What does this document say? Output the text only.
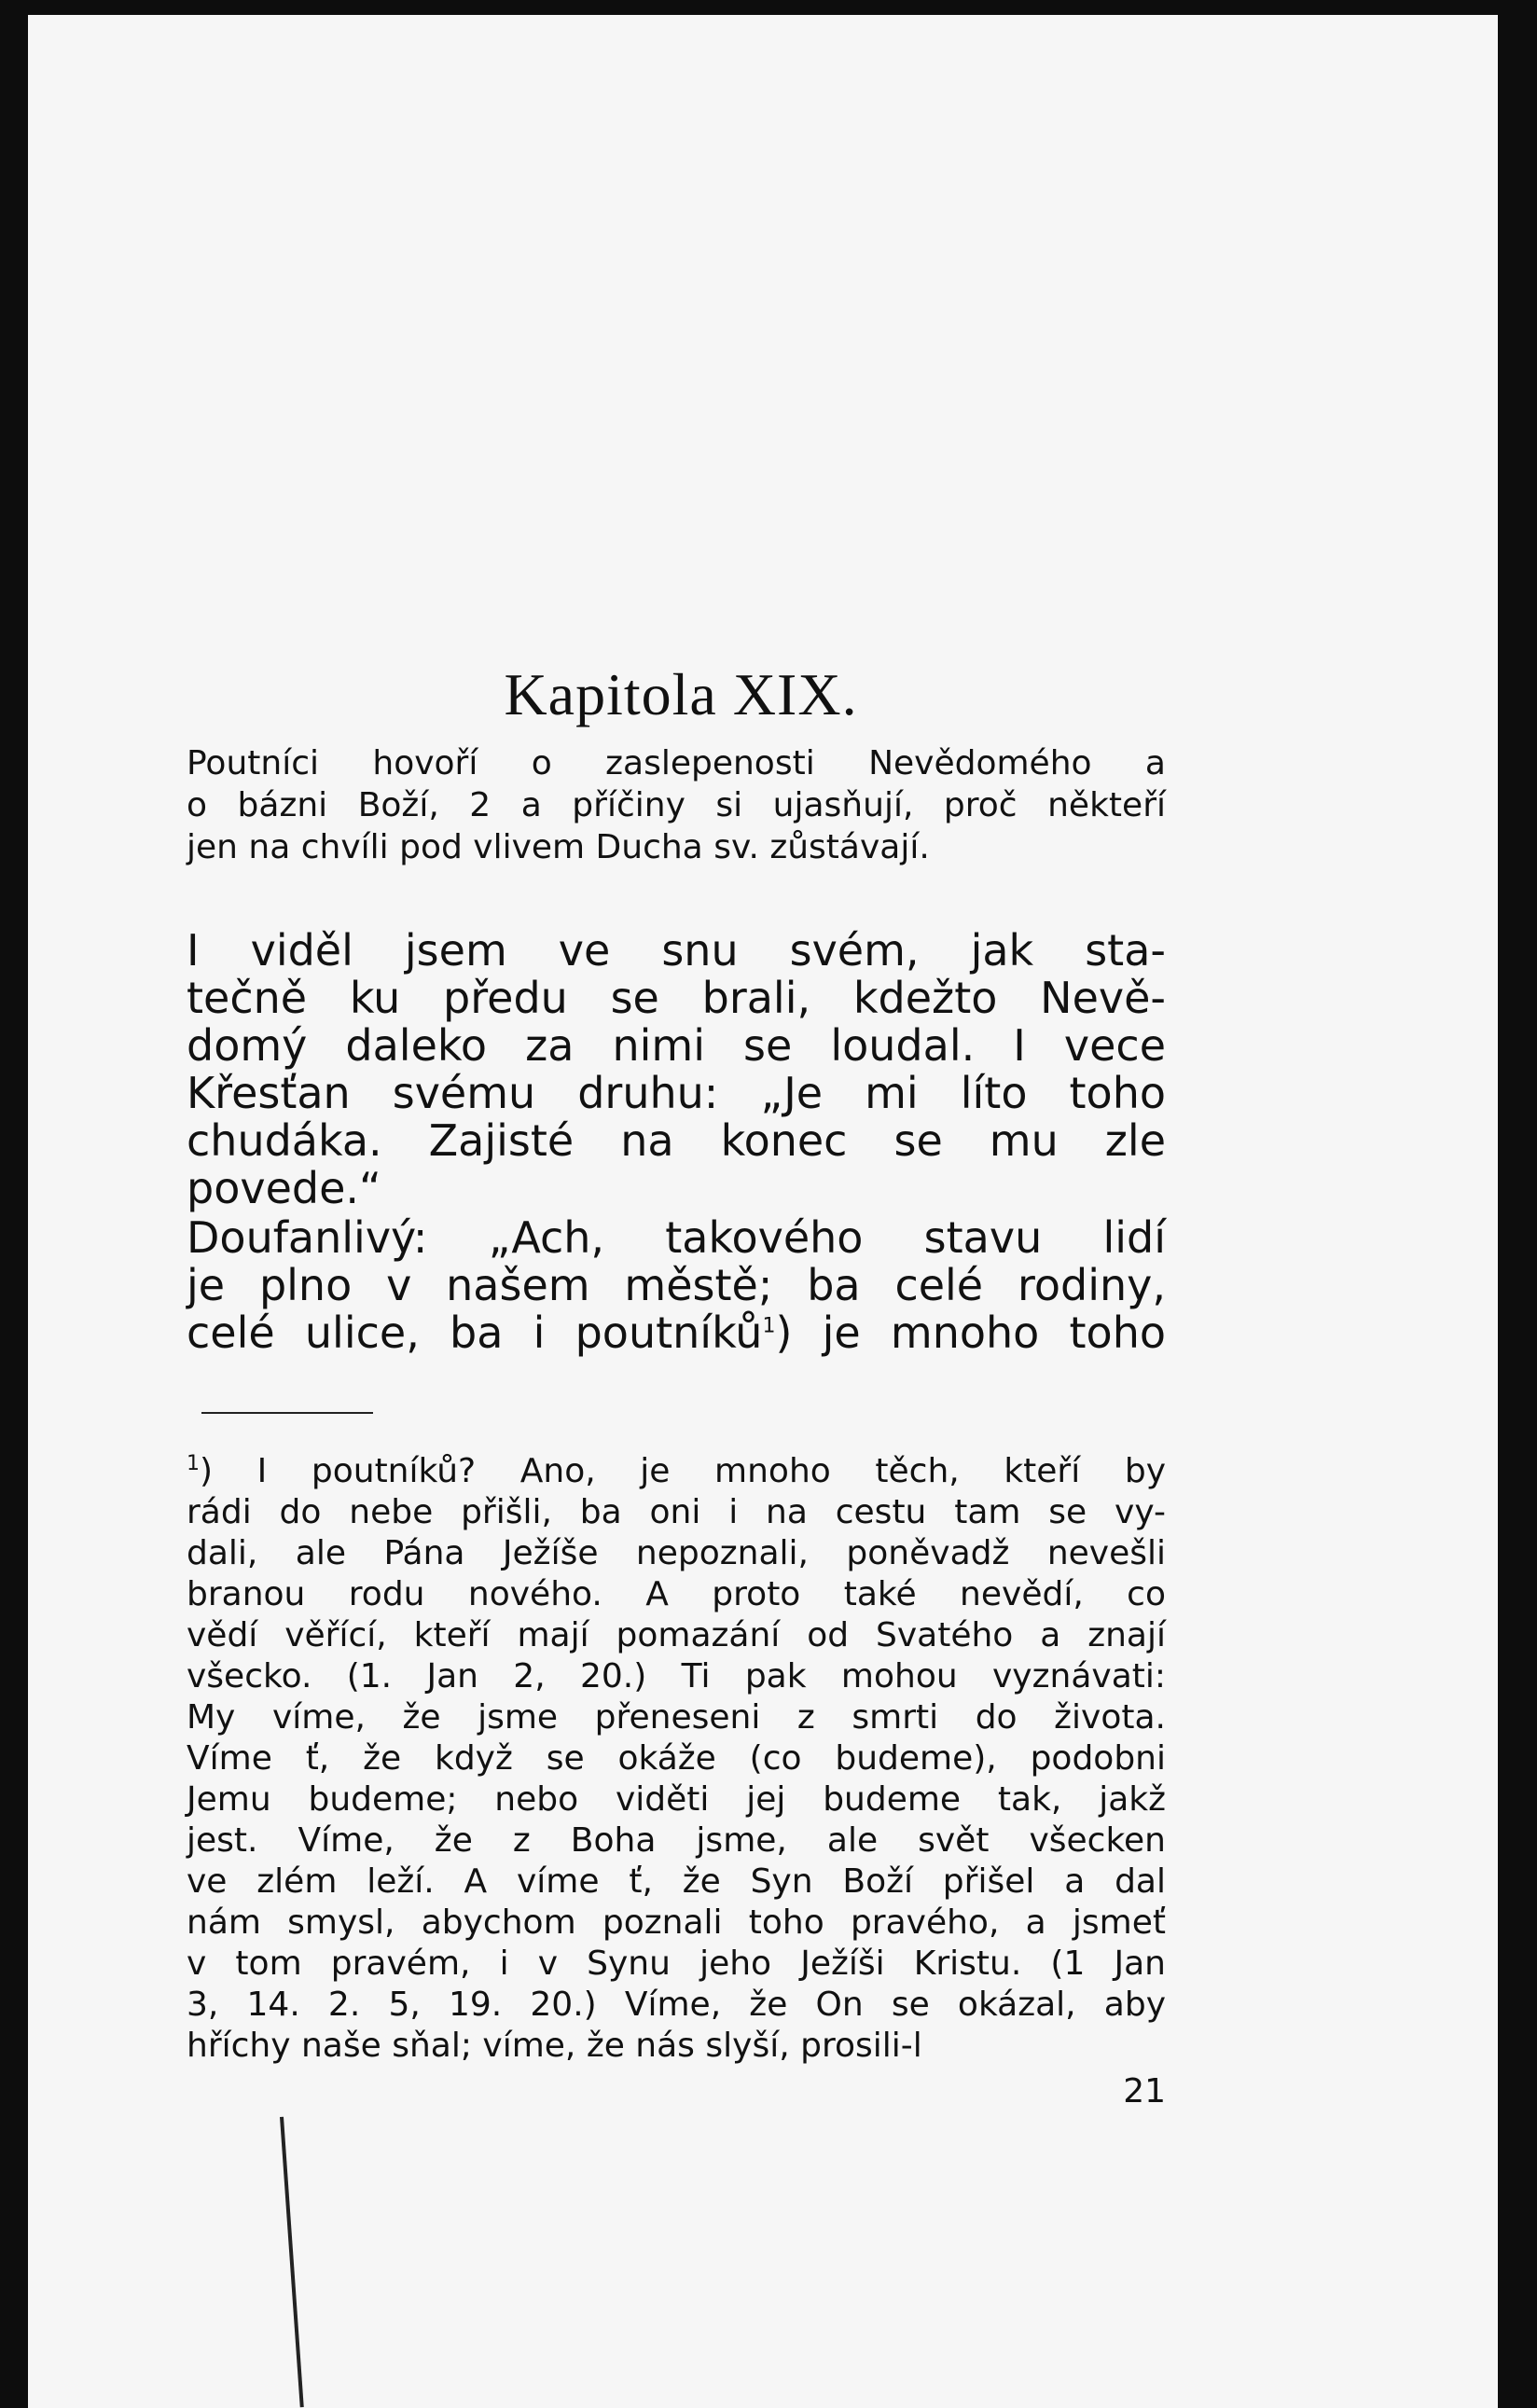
Kapitola XIX.
Poutníci hovoří o zaslepenosti Nevědomého a
o bázni Boží, 2 a příčiny si ujasňují, proč někteří
jen na chvíli pod vlivem Ducha sv. zůstávají.
I viděl jsem ve snu svém, jak sta-
tečně ku předu se brali, kdežto Nevě-
domý daleko za nimi se loudal. I vece
Křesťan svému druhu: „Je mi líto toho
chudáka. Zajisté na konec se mu zle
povede.“
Doufanlivý: „Ach, takového stavu lidí
je plno v našem městě; ba celé rodiny,
celé ulice, ba i poutníků$^1$) je mnoho toho
$^1$) I poutníků? Ano, je mnoho těch, kteří by
rádi do nebe přišli, ba oni i na cestu tam se vy-
dali, ale Pána Ježíše nepoznali, poněvadž nevešli
branou rodu nového. A proto také nevědí, co
vědí věřící, kteří mají pomazání od Svatého a znají
všecko. (1. Jan 2, 20.) Ti pak mohou vyznávati:
My víme, že jsme přeneseni z smrti do života.
Víme ť, že když se okáže (co budeme), podobni
Jemu budeme; nebo viděti jej budeme tak, jakž
jest. Víme, že z Boha jsme, ale svět všecken
ve zlém leží. A víme ť, že Syn Boží přišel a dal
nám smysl, abychom poznali toho pravého, a jsmeť
v tom pravém, i v Synu jeho Ježíši Kristu. (1 Jan
3, 14. 2. 5, 19. 20.) Víme, že On se okázal, aby
hříchy naše sňal; víme, že nás slyší, prosili-l
21
